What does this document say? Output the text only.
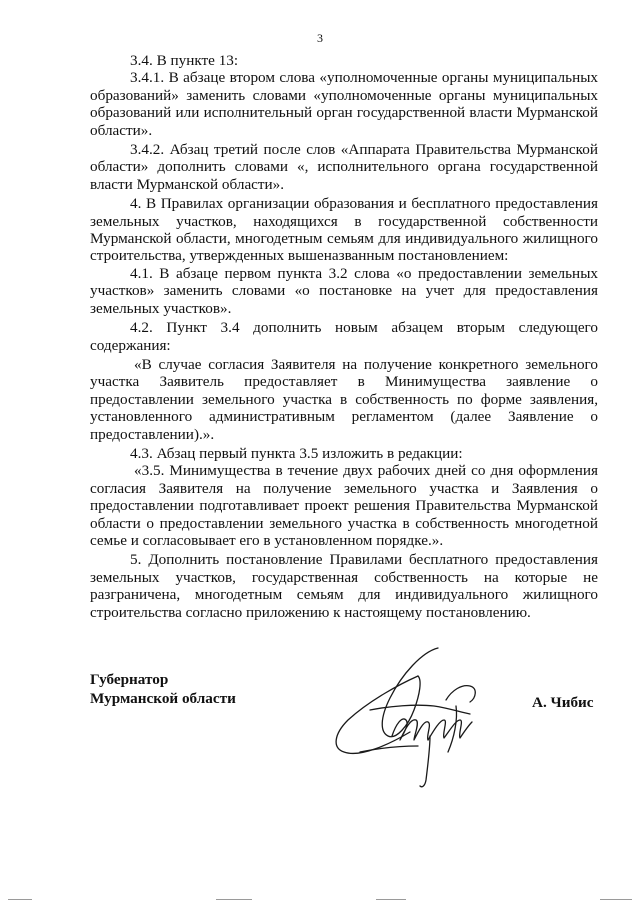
3

3.4. В пункте 13:

3.4.1. В абзаце втором слова «уполномоченные органы муниципальных образований» заменить словами «уполномоченные органы муниципальных образований или исполнительный орган государственной власти Мурманской области».

3.4.2. Абзац третий после слов «Аппарата Правительства Мурманской области» дополнить словами «, исполнительного органа государственной власти Мурманской области».

4. В Правилах организации образования и бесплатного предоставления земельных участков, находящихся в государственной собственности Мурманской области, многодетным семьям для индивидуального жилищного строительства, утвержденных вышеназванным постановлением:

4.1. В абзаце первом пункта 3.2 слова «о предоставлении земельных участков» заменить словами «о постановке на учет для предоставления земельных участков».

4.2. Пункт 3.4 дополнить новым абзацем вторым следующего содержания:

«В случае согласия Заявителя на получение конкретного земельного участка Заявитель предоставляет в Минимущества заявление о предоставлении земельного участка в собственность по форме заявления, установленного административным регламентом (далее Заявление о предоставлении).».

4.3. Абзац первый пункта 3.5 изложить в редакции:

«3.5. Минимущества в течение двух рабочих дней со дня оформления согласия Заявителя на получение земельного участка и Заявления о предоставлении подготавливает проект решения Правительства Мурманской области о предоставлении земельного участка в собственность многодетной семье и согласовывает его в установленном порядке.».

5. Дополнить постановление Правилами бесплатного предоставления земельных участков, государственная собственность на которые не разграничена, многодетным семьям для индивидуального жилищного строительства согласно приложению к настоящему постановлению.

Губернатор
Мурманской области	А. Чибис
